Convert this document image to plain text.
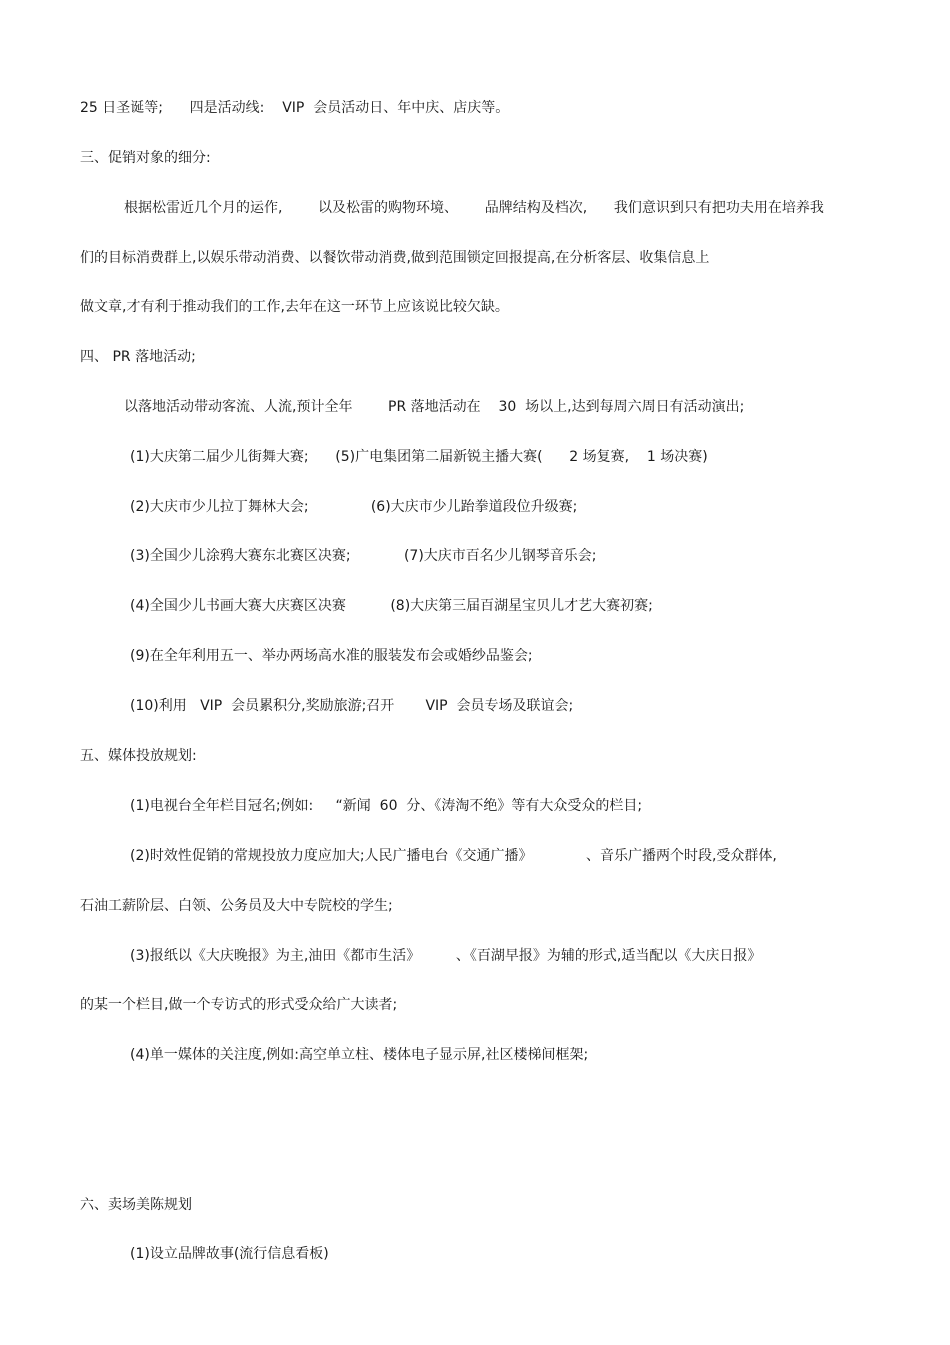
25 日圣诞等;      四是活动线:    VIP  会员活动日、年中庆、店庆等。
三、促销对象的细分:
根据松雷近几个月的运作,        以及松雷的购物环境、      品牌结构及档次,      我们意识到只有把功夫用在培养我
们的目标消费群上,以娱乐带动消费、以餐饮带动消费,做到范围锁定回报提高,在分析客层、收集信息上
做文章,才有利于推动我们的工作,去年在这一环节上应该说比较欠缺。
四、 PR 落地活动;
以落地活动带动客流、人流,预计全年        PR 落地活动在    30  场以上,达到每周六周日有活动演出;
(1)大庆第二届少儿街舞大赛;      (5)广电集团第二届新锐主播大赛(      2 场复赛,    1 场决赛)
(2)大庆市少儿拉丁舞林大会;              (6)大庆市少儿跆拳道段位升级赛;
(3)全国少儿涂鸦大赛东北赛区决赛;            (7)大庆市百名少儿钢琴音乐会;
(4)全国少儿书画大赛大庆赛区决赛          (8)大庆第三届百湖星宝贝儿才艺大赛初赛;
(9)在全年利用五一、举办两场高水准的服装发布会或婚纱品鉴会;
(10)利用   VIP  会员累积分,奖励旅游;召开       VIP  会员专场及联谊会;
五、媒体投放规划:
(1)电视台全年栏目冠名;例如:     “新闻  60  分、《涛淘不绝》等有大众受众的栏目;
(2)时效性促销的常规投放力度应加大;人民广播电台《交通广播》            、音乐广播两个时段,受众群体,
石油工薪阶层、白领、公务员及大中专院校的学生;
(3)报纸以《大庆晚报》为主,油田《都市生活》        、《百湖早报》为辅的形式,适当配以《大庆日报》
的某一个栏目,做一个专访式的形式受众给广大读者;
(4)单一媒体的关注度,例如:高空单立柱、楼体电子显示屏,社区楼梯间框架;
六、卖场美陈规划
(1)设立品牌故事(流行信息看板)
